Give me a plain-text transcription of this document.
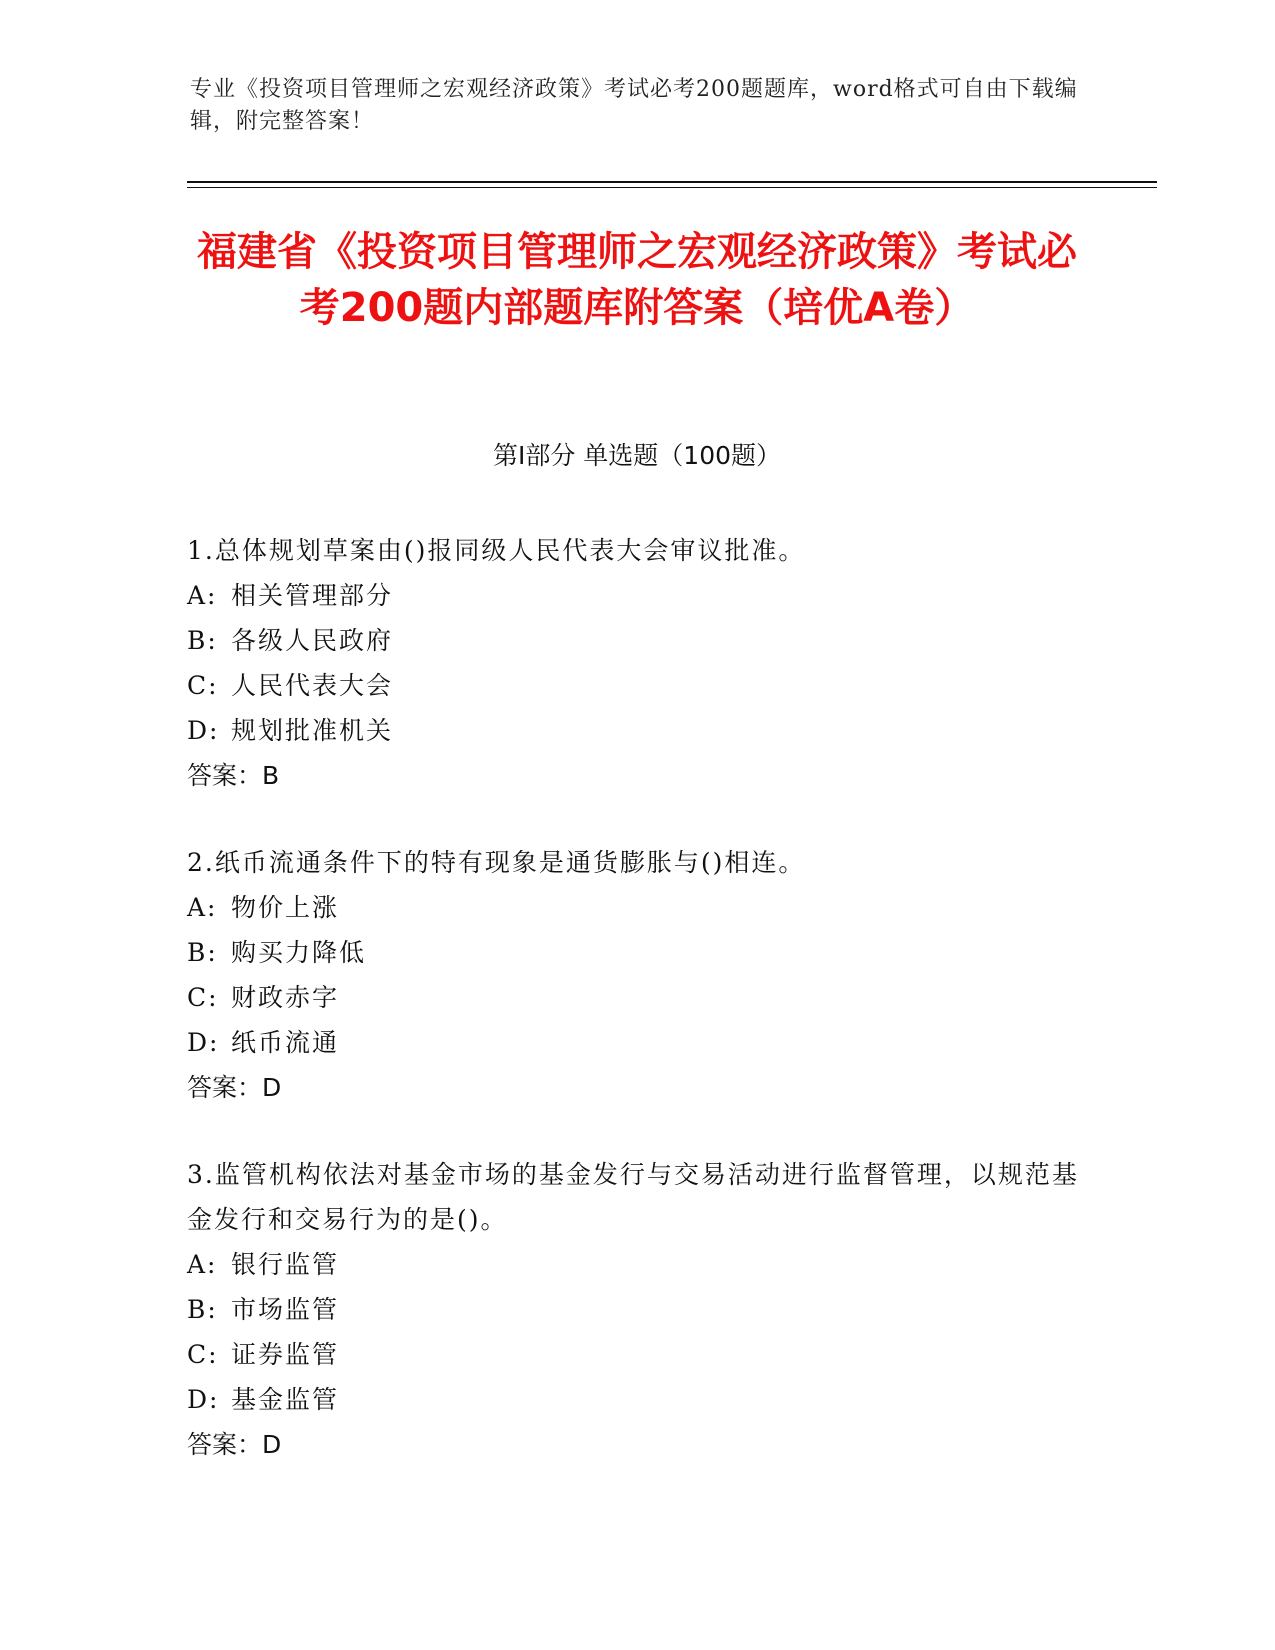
专业《投资项目管理师之宏观经济政策》考试必考200题题库，word格式可自由下载编辑，附完整答案！
福建省《投资项目管理师之宏观经济政策》考试必考200题内部题库附答案（培优A卷）
第Ⅰ部分 单选题（100题）

1.总体规划草案由()报同级人民代表大会审议批准。

A: 相关管理部分

B: 各级人民政府

C: 人民代表大会

D: 规划批准机关

答案：B

2.纸币流通条件下的特有现象是通货膨胀与()相连。

A: 物价上涨

B: 购买力降低

C: 财政赤字

D: 纸币流通

答案：D

3.监管机构依法对基金市场的基金发行与交易活动进行监督管理，以规范基金发行和交易行为的是()。

A: 银行监管

B: 市场监管

C: 证券监管

D: 基金监管

答案：D
